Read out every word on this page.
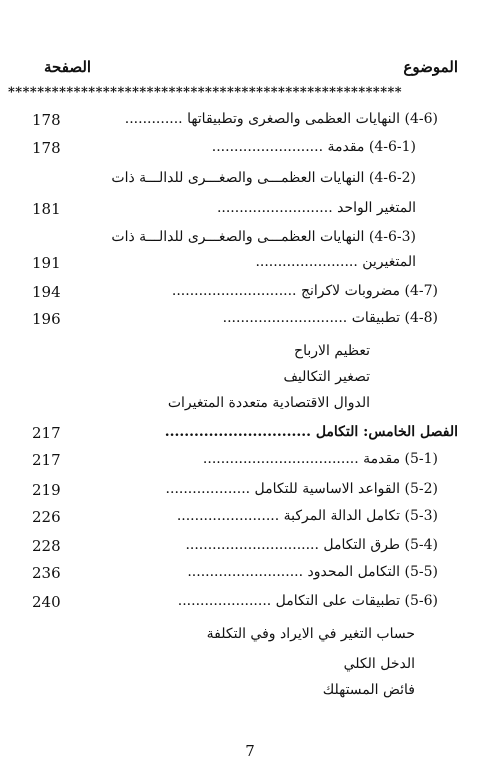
الموضوع
الصفحة
******************************************************
178	(4-6) النهايات العظمى والصغرى وتطبيقاتها .............
178	(4-6-1) مقدمة .........................
(4-6-2) النهايات العظمـــى والصغـــرى للدالـــة ذات
181	المتغير الواحد ..........................
(4-6-3) النهايات العظمـــى والصغـــرى للدالـــة ذات
191	المتغيرين .......................
194	(4-7) مضروبات لاكرانج ............................
196	(4-8) تطبيقات ............................
تعظيم الارباح
تصغير التكاليف
الدوال الاقتصادية متعددة المتغيرات
217	الفصل الخامس: التكامل ..............................
217	(5-1) مقدمة ...................................
219	(5-2) القواعد الاساسية للتكامل ...................
226	(5-3) تكامل الدالة المركبة .......................
228	(5-4) طرق التكامل ..............................
236	(5-5) التكامل المحدود ..........................
240	(5-6) تطبيقات على التكامل .....................
حساب التغير في الايراد وفي التكلفة
الدخل الكلي
فائض المستهلك
7
